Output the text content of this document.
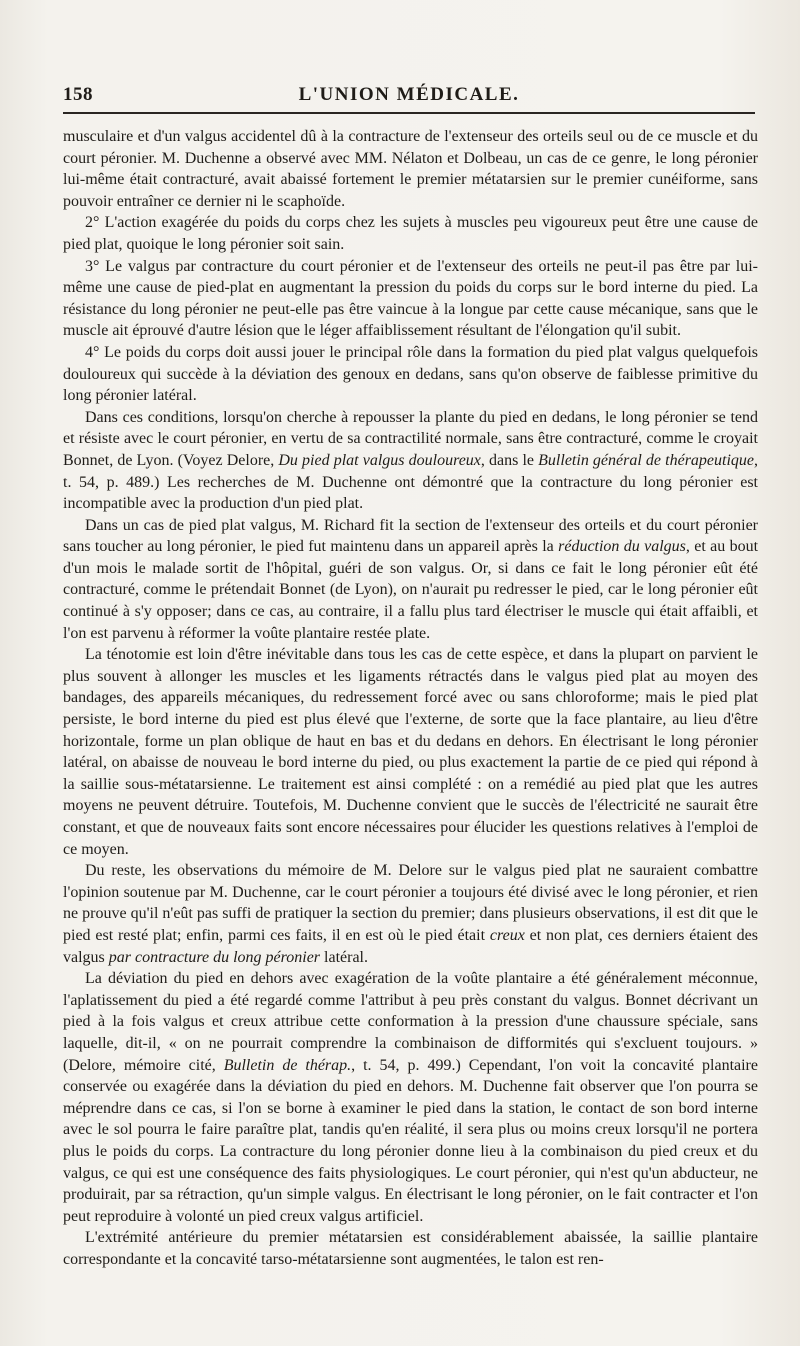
158	L'UNION MÉDICALE.

musculaire et d'un valgus accidentel dû à la contracture de l'extenseur des orteils seul ou de ce muscle et du court péronier. M. Duchenne a observé avec MM. Nélaton et Dolbeau, un cas de ce genre, le long péronier lui-même était contracturé, avait abaissé fortement le premier métatarsien sur le premier cunéiforme, sans pouvoir entraîner ce dernier ni le scaphoïde.

2° L'action exagérée du poids du corps chez les sujets à muscles peu vigoureux peut être une cause de pied plat, quoique le long péronier soit sain.

3° Le valgus par contracture du court péronier et de l'extenseur des orteils ne peut-il pas être par lui-même une cause de pied-plat en augmentant la pression du poids du corps sur le bord interne du pied. La résistance du long péronier ne peut-elle pas être vaincue à la longue par cette cause mécanique, sans que le muscle ait éprouvé d'autre lésion que le léger affaiblissement résultant de l'élongation qu'il subit.

4° Le poids du corps doit aussi jouer le principal rôle dans la formation du pied plat valgus quelquefois douloureux qui succède à la déviation des genoux en dedans, sans qu'on observe de faiblesse primitive du long péronier latéral.

Dans ces conditions, lorsqu'on cherche à repousser la plante du pied en dedans, le long péronier se tend et résiste avec le court péronier, en vertu de sa contractilité normale, sans être contracturé, comme le croyait Bonnet, de Lyon. (Voyez Delore, Du pied plat valgus douloureux, dans le Bulletin général de thérapeutique, t. 54, p. 489.) Les recherches de M. Duchenne ont démontré que la contracture du long péronier est incompatible avec la production d'un pied plat.

Dans un cas de pied plat valgus, M. Richard fit la section de l'extenseur des orteils et du court péronier sans toucher au long péronier, le pied fut maintenu dans un appareil après la réduction du valgus, et au bout d'un mois le malade sortit de l'hôpital, guéri de son valgus. Or, si dans ce fait le long péronier eût été contracturé, comme le prétendait Bonnet (de Lyon), on n'aurait pu redresser le pied, car le long péronier eût continué à s'y opposer; dans ce cas, au contraire, il a fallu plus tard électriser le muscle qui était affaibli, et l'on est parvenu à réformer la voûte plantaire restée plate.

La ténotomie est loin d'être inévitable dans tous les cas de cette espèce, et dans la plupart on parvient le plus souvent à allonger les muscles et les ligaments rétractés dans le valgus pied plat au moyen des bandages, des appareils mécaniques, du redressement forcé avec ou sans chloroforme; mais le pied plat persiste, le bord interne du pied est plus élevé que l'externe, de sorte que la face plantaire, au lieu d'être horizontale, forme un plan oblique de haut en bas et du dedans en dehors. En électrisant le long péronier latéral, on abaisse de nouveau le bord interne du pied, ou plus exactement la partie de ce pied qui répond à la saillie sous-métatarsienne. Le traitement est ainsi complété : on a remédié au pied plat que les autres moyens ne peuvent détruire. Toutefois, M. Duchenne convient que le succès de l'électricité ne saurait être constant, et que de nouveaux faits sont encore nécessaires pour élucider les questions relatives à l'emploi de ce moyen.

Du reste, les observations du mémoire de M. Delore sur le valgus pied plat ne sauraient combattre l'opinion soutenue par M. Duchenne, car le court péronier a toujours été divisé avec le long péronier, et rien ne prouve qu'il n'eût pas suffi de pratiquer la section du premier; dans plusieurs observations, il est dit que le pied est resté plat; enfin, parmi ces faits, il en est où le pied était creux et non plat, ces derniers étaient des valgus par contracture du long péronier latéral.

La déviation du pied en dehors avec exagération de la voûte plantaire a été généralement méconnue, l'aplatissement du pied a été regardé comme l'attribut à peu près constant du valgus. Bonnet décrivant un pied à la fois valgus et creux attribue cette conformation à la pression d'une chaussure spéciale, sans laquelle, dit-il, « on ne pourrait comprendre la combinaison de difformités qui s'excluent toujours. » (Delore, mémoire cité, Bulletin de thérap., t. 54, p. 499.) Cependant, l'on voit la concavité plantaire conservée ou exagérée dans la déviation du pied en dehors. M. Duchenne fait observer que l'on pourra se méprendre dans ce cas, si l'on se borne à examiner le pied dans la station, le contact de son bord interne avec le sol pourra le faire paraître plat, tandis qu'en réalité, il sera plus ou moins creux lorsqu'il ne portera plus le poids du corps. La contracture du long péronier donne lieu à la combinaison du pied creux et du valgus, ce qui est une conséquence des faits physiologiques. Le court péronier, qui n'est qu'un abducteur, ne produirait, par sa rétraction, qu'un simple valgus. En électrisant le long péronier, on le fait contracter et l'on peut reproduire à volonté un pied creux valgus artificiel.

L'extrémité antérieure du premier métatarsien est considérablement abaissée, la saillie plantaire correspondante et la concavité tarso-métatarsienne sont augmentées, le talon est ren-
